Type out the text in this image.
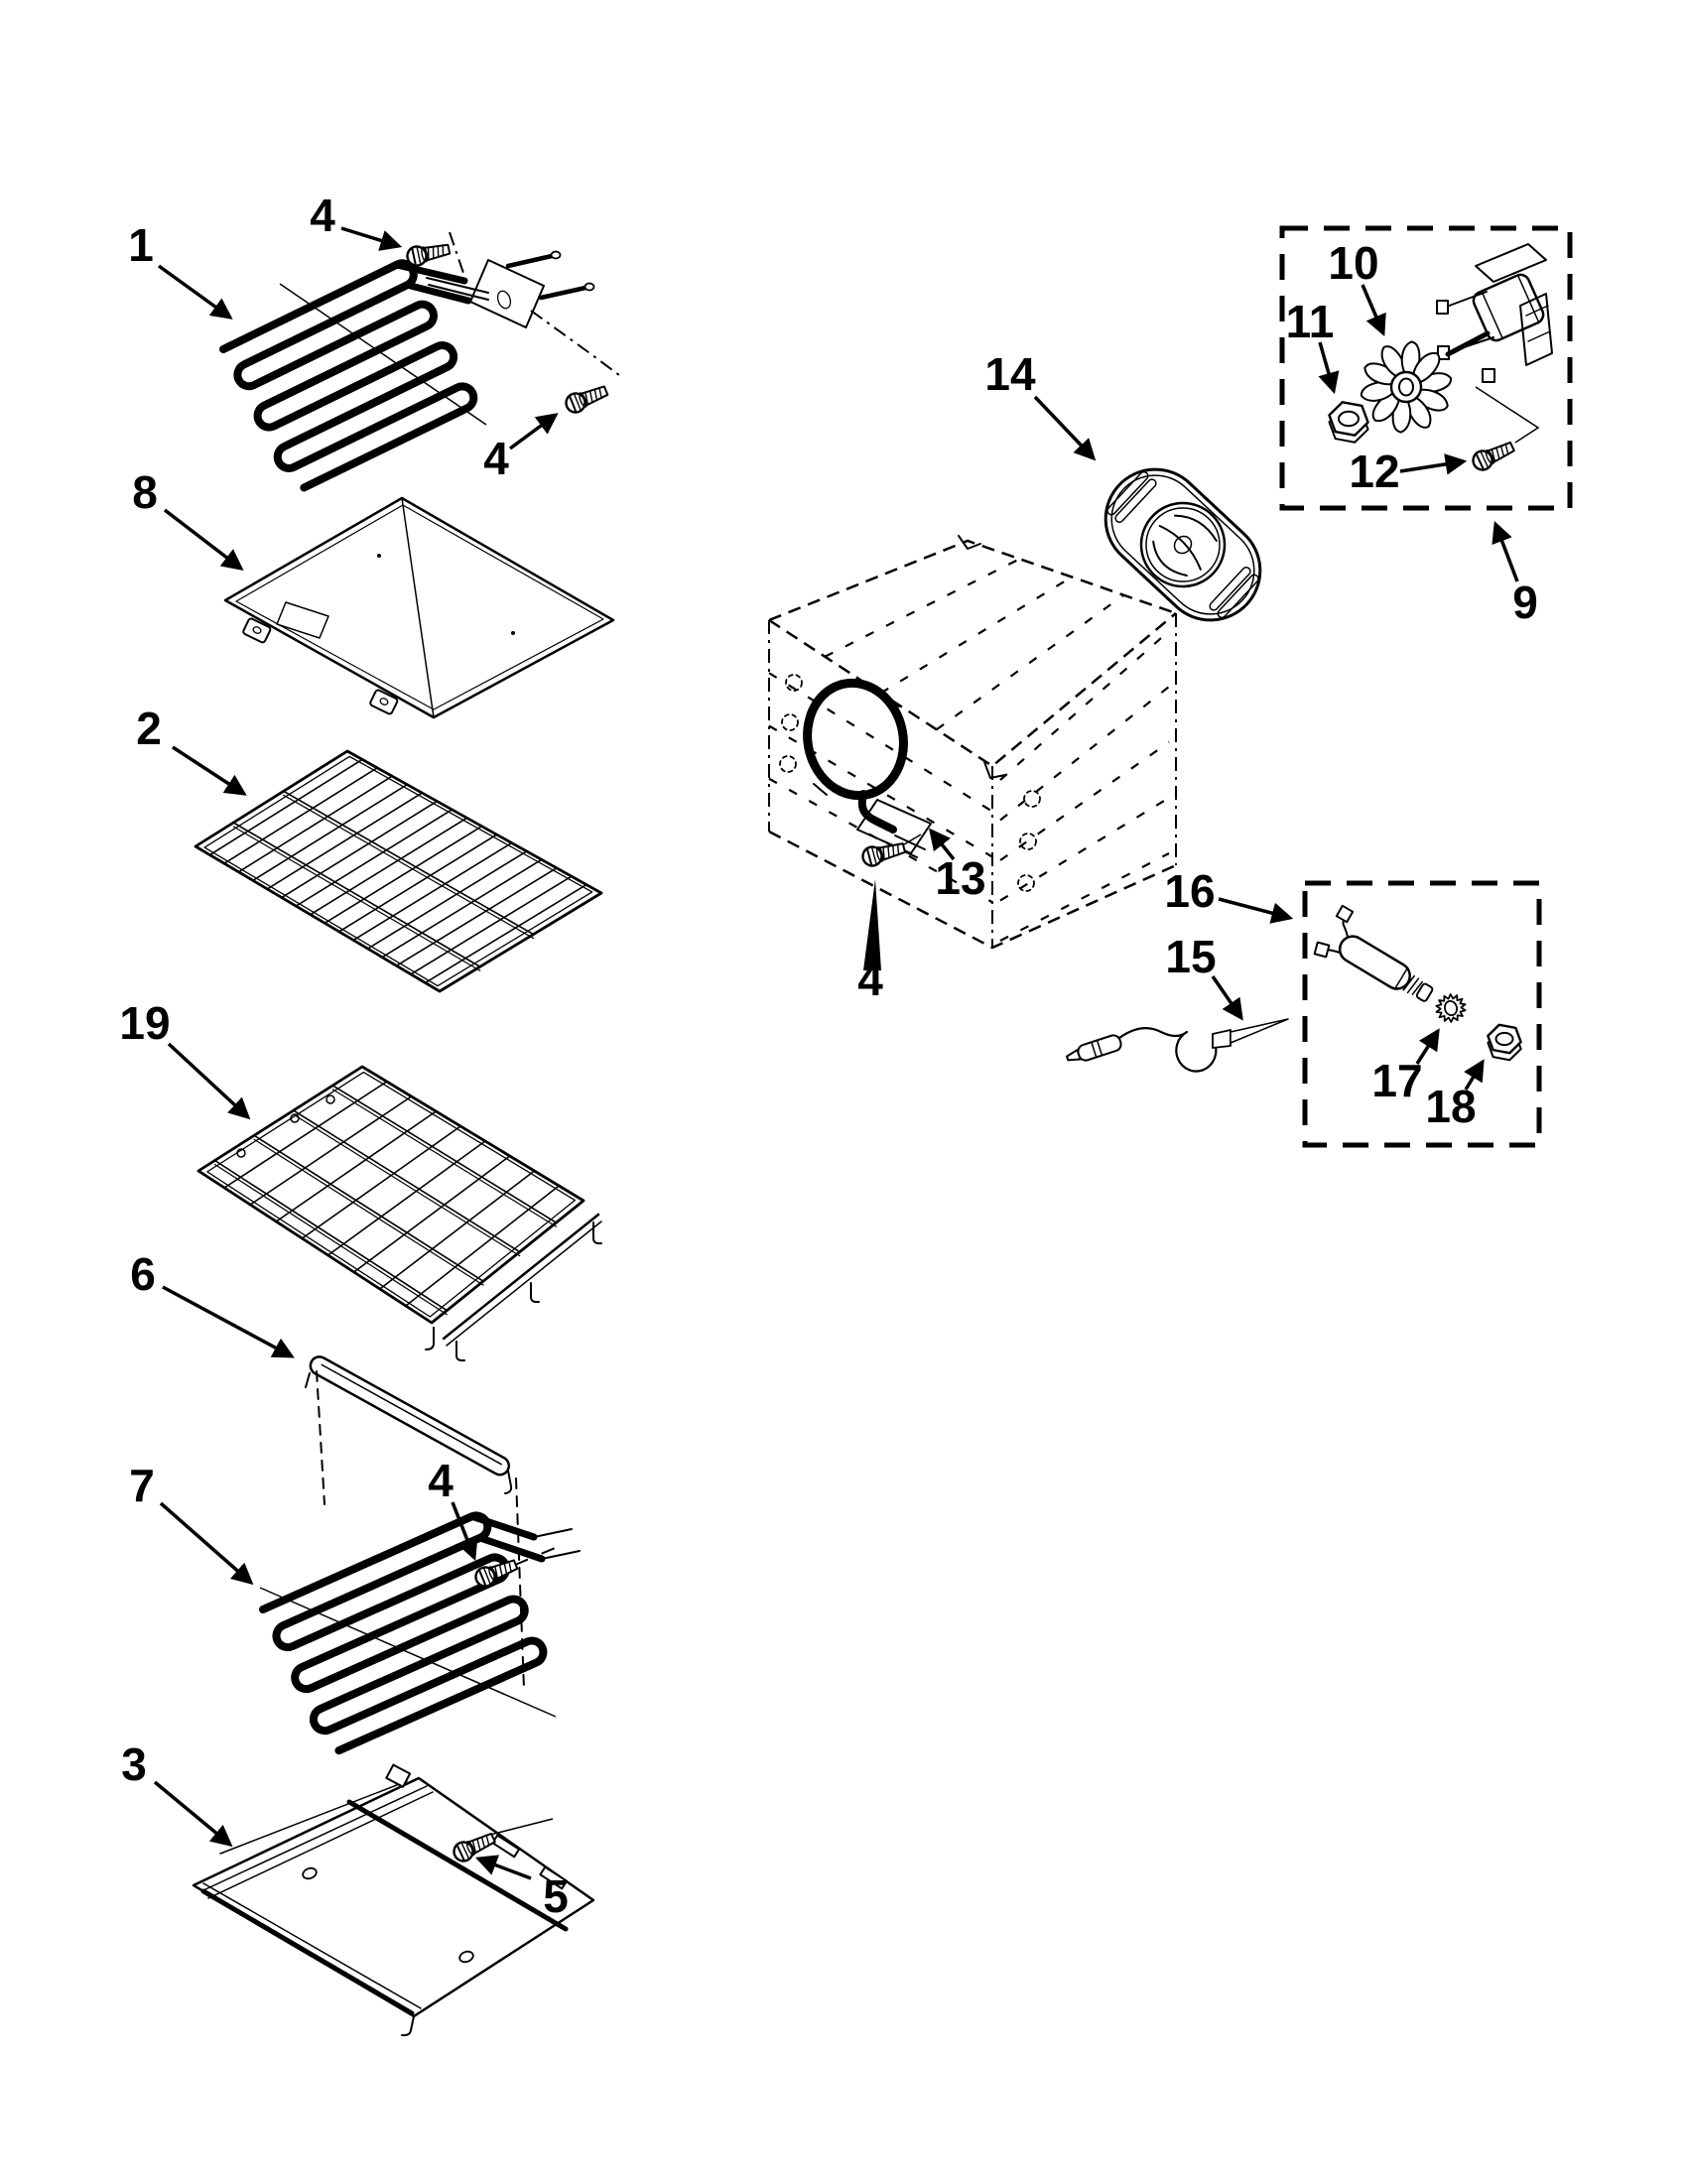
1
4
4
8
2
19
6
7	4
3
5
14
13
4
9
10
11
12
16
15
17 18
